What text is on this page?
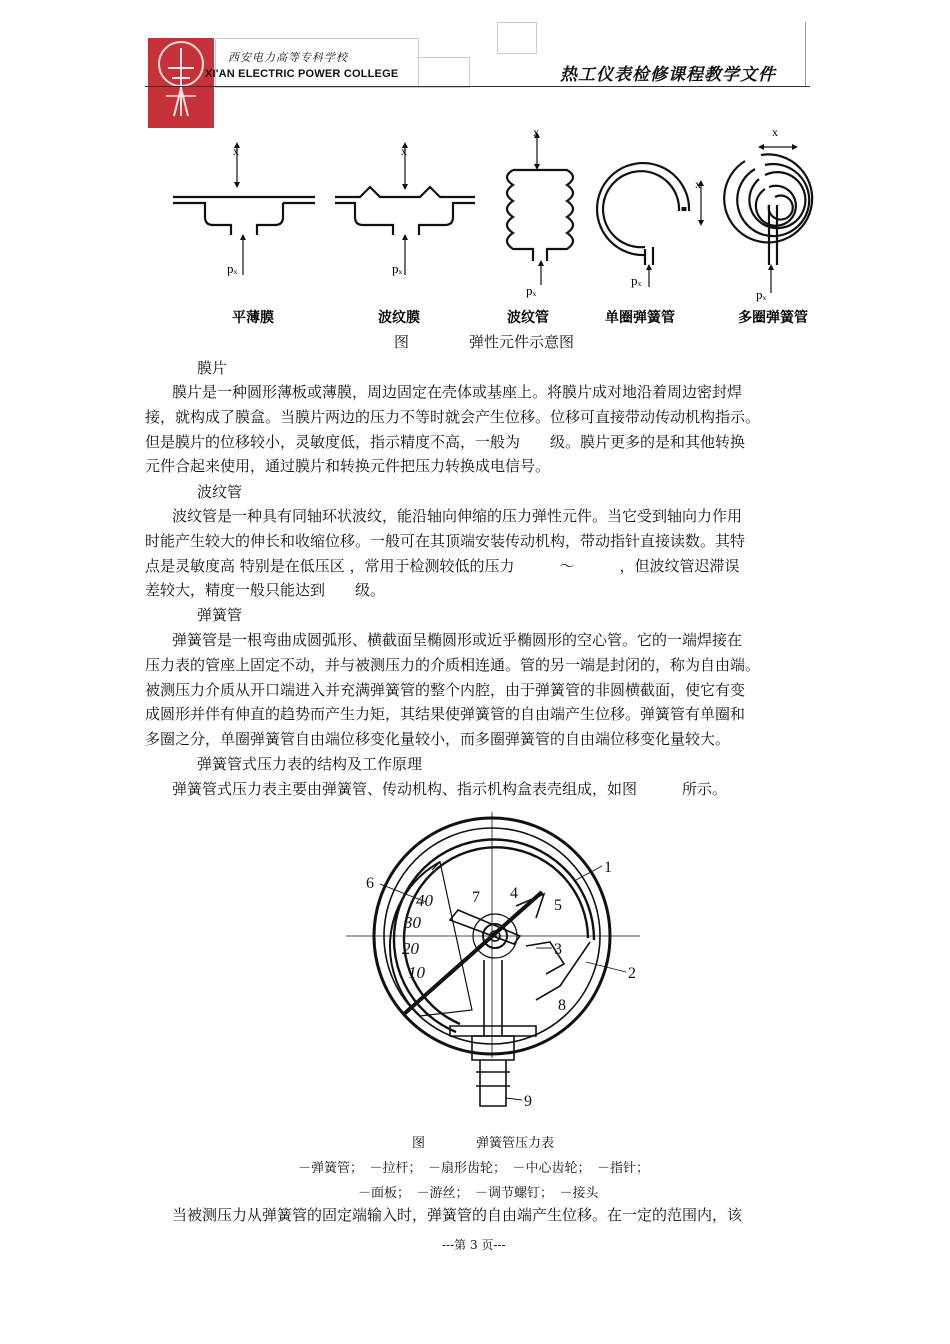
西安电力高等专科学校
XI'AN ELECTRIC POWER COLLEGE	热工仪表检修课程教学文件
x	x
x
x
x
pₓ	pₓ
pₓ
pₓ
pₓ
平薄膜	波纹膜	波纹管	单圈弹簧管	多圈弹簧管
图	弹性元件示意图
膜片
膜片是一种圆形薄板或薄膜，周边固定在壳体或基座上。将膜片成对地沿着周边密封焊
接，就构成了膜盒。当膜片两边的压力不等时就会产生位移。位移可直接带动传动机构指示。
但是膜片的位移较小，灵敏度低，指示精度不高，一般为　　级。膜片更多的是和其他转换
元件合起来使用，通过膜片和转换元件把压力转换成电信号。
波纹管
波纹管是一种具有同轴环状波纹，能沿轴向伸缩的压力弹性元件。当它受到轴向力作用
时能产生较大的伸长和收缩位移。一般可在其顶端安装传动机构，带动指针直接读数。其特
点是灵敏度高 特别是在低压区 ，常用于检测较低的压力　　　～　　　，但波纹管迟滞误
差较大，精度一般只能达到　　级。
弹簧管
弹簧管是一根弯曲成圆弧形、横截面呈椭圆形或近乎椭圆形的空心管。它的一端焊接在
压力表的管座上固定不动，并与被测压力的介质相连通。管的另一端是封闭的，称为自由端。
被测压力介质从开口端进入并充满弹簧管的整个内腔，由于弹簧管的非圆横截面，使它有变
成圆形并伴有伸直的趋势而产生力矩，其结果使弹簧管的自由端产生位移。弹簧管有单圈和
多圈之分，单圈弹簧管自由端位移变化量较小，而多圈弹簧管的自由端位移变化量较大。
弹簧管式压力表的结构及工作原理
弹簧管式压力表主要由弹簧管、传动机构、指示机构盒表壳组成，如图　　　所示。
40
30
20
10
1
2
3
4
5
6
7
8
9
图	弹簧管压力表
－弹簧管；　－拉杆；　－扇形齿轮；　－中心齿轮；　－指针；
－面板；　－游丝；　－调节螺钉；　－接头
当被测压力从弹簧管的固定端输入时，弹簧管的自由端产生位移。在一定的范围内，该
---第 3 页---
